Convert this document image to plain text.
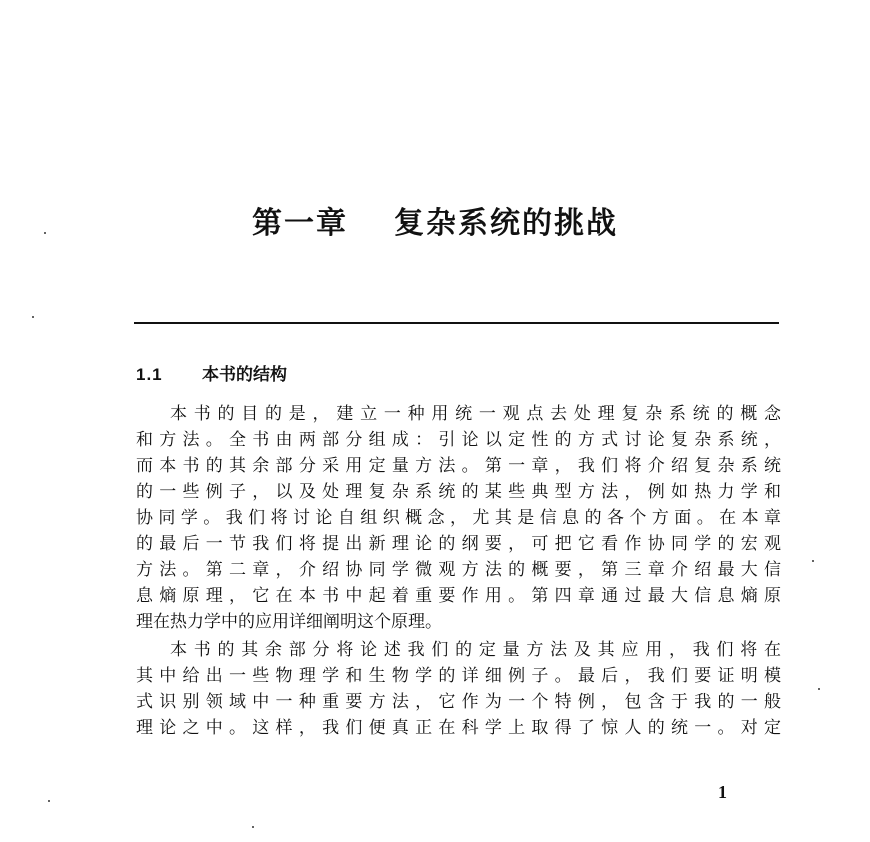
第一章 复杂系统的挑战
1.1 本书的结构
本书的目的是，建立一种用统一观点去处理复杂系统的概念
和方法。全书由两部分组成：引论以定性的方式讨论复杂系统，
而本书的其余部分采用定量方法。第一章，我们将介绍复杂系统
的一些例子，以及处理复杂系统的某些典型方法，例如热力学和
协同学。我们将讨论自组织概念，尤其是信息的各个方面。在本章
的最后一节我们将提出新理论的纲要，可把它看作协同学的宏观
方法。第二章，介绍协同学微观方法的概要，第三章介绍最大信
息熵原理，它在本书中起着重要作用。第四章通过最大信息熵原
理在热力学中的应用详细阐明这个原理。
本书的其余部分将论述我们的定量方法及其应用，我们将在
其中给出一些物理学和生物学的详细例子。最后，我们要证明模
式识别领域中一种重要方法，它作为一个特例，包含于我的一般
理论之中。这样，我们便真正在科学上取得了惊人的统一。对定
1
